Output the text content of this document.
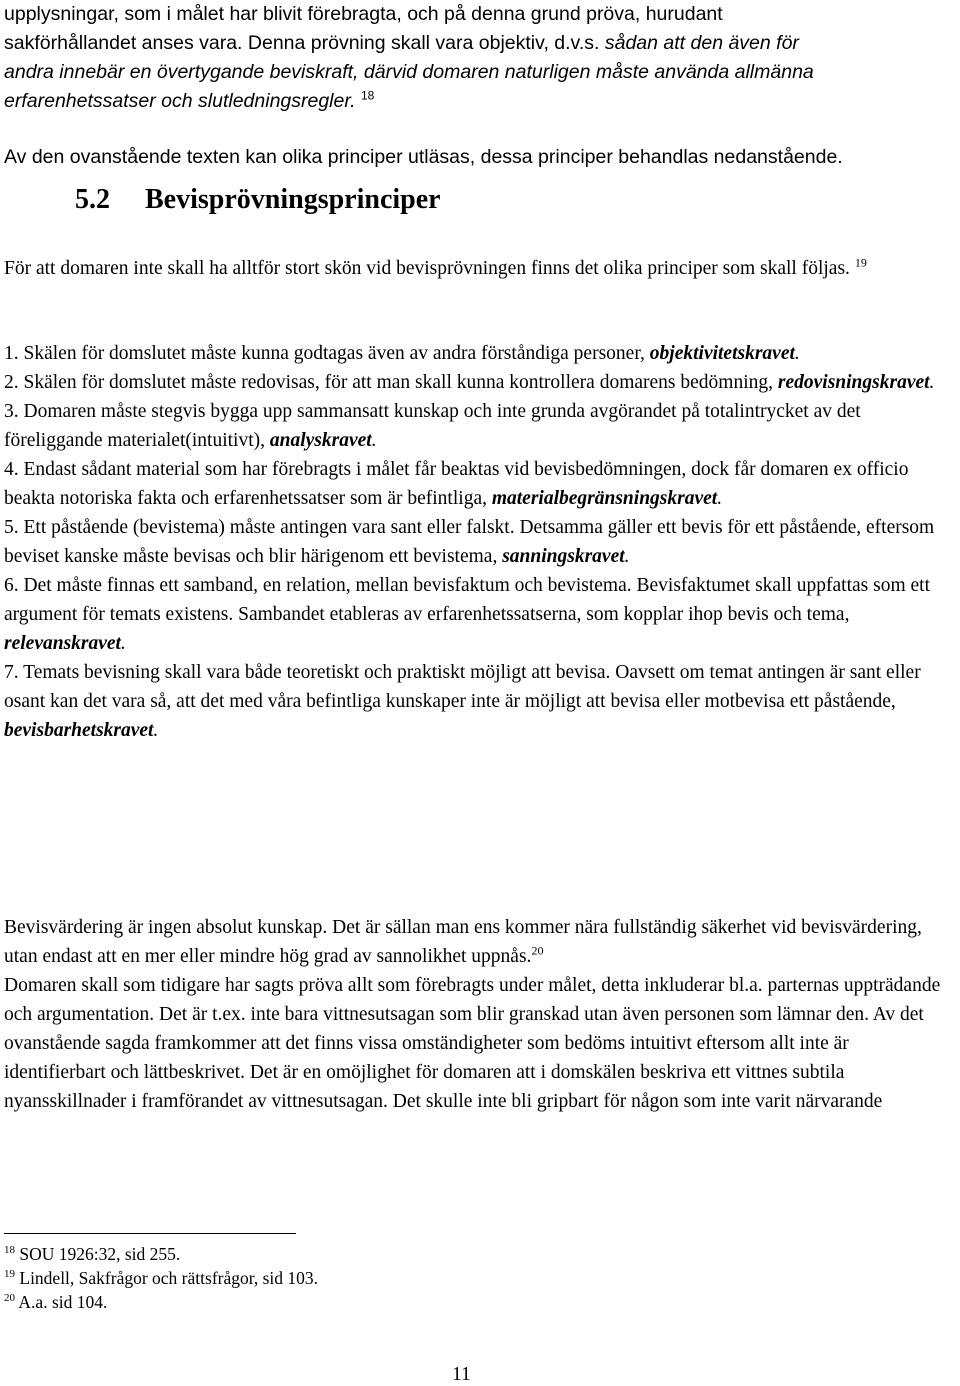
upplysningar, som i målet har blivit förebragta, och på denna grund pröva, hurudant
sakförhållandet anses vara. Denna prövning skall vara objektiv, d.v.s. sådan att den även för
andra innebär en övertygande beviskraft, därvid domaren naturligen måste använda allmänna
erfarenhetssatser och slutledningsregler. $^{18}$

Av den ovanstående texten kan olika principer utläsas, dessa principer behandlas nedanstående.

5.2 Bevisprövningsprinciper

För att domaren inte skall ha alltför stort skön vid bevisprövningen finns det olika principer som skall följas. $^{19}$

1. Skälen för domslutet måste kunna godtagas även av andra förståndiga personer, objektivitetskravet.
2. Skälen för domslutet måste redovisas, för att man skall kunna kontrollera domarens bedömning, redovisningskravet.
3. Domaren måste stegvis bygga upp sammansatt kunskap och inte grunda avgörandet på totalintrycket av det föreliggande materialet(intuitivt), analyskravet.
4. Endast sådant material som har förebragts i målet får beaktas vid bevisbedömningen, dock får domaren ex officio beakta notoriska fakta och erfarenhetssatser som är befintliga, materialbegränsningskravet.
5. Ett påstående (bevistema) måste antingen vara sant eller falskt. Detsamma gäller ett bevis för ett påstående, eftersom beviset kanske måste bevisas och blir härigenom ett bevistema, sanningskravet.
6. Det måste finnas ett samband, en relation, mellan bevisfaktum och bevistema. Bevisfaktumet skall uppfattas som ett argument för temats existens. Sambandet etableras av erfarenhetssatserna, som kopplar ihop bevis och tema, relevanskravet.
7. Temats bevisning skall vara både teoretiskt och praktiskt möjligt att bevisa. Oavsett om temat antingen är sant eller osant kan det vara så, att det med våra befintliga kunskaper inte är möjligt att bevisa eller motbevisa ett påstående, bevisbarhetskravet.

Bevisvärdering är ingen absolut kunskap. Det är sällan man ens kommer nära fullständig säkerhet vid bevisvärdering, utan endast att en mer eller mindre hög grad av sannolikhet uppnås.$^{20}$

Domaren skall som tidigare har sagts pröva allt som förebragts under målet, detta inkluderar bl.a. parternas uppträdande och argumentation. Det är t.ex. inte bara vittnesutsagan som blir granskad utan även personen som lämnar den. Av det ovanstående sagda framkommer att det finns vissa omständigheter som bedöms intuitivt eftersom allt inte är identifierbart och lättbeskrivet. Det är en omöjlighet för domaren att i domskälen beskriva ett vittnes subtila nyansskillnader i framförandet av vittnesutsagan. Det skulle inte bli gripbart för någon som inte varit närvarande

$^{18}$ SOU 1926:32, sid 255.

$^{19}$ Lindell, Sakfrågor och rättsfrågor, sid 103.

$^{20}$ A.a. sid 104.

11
